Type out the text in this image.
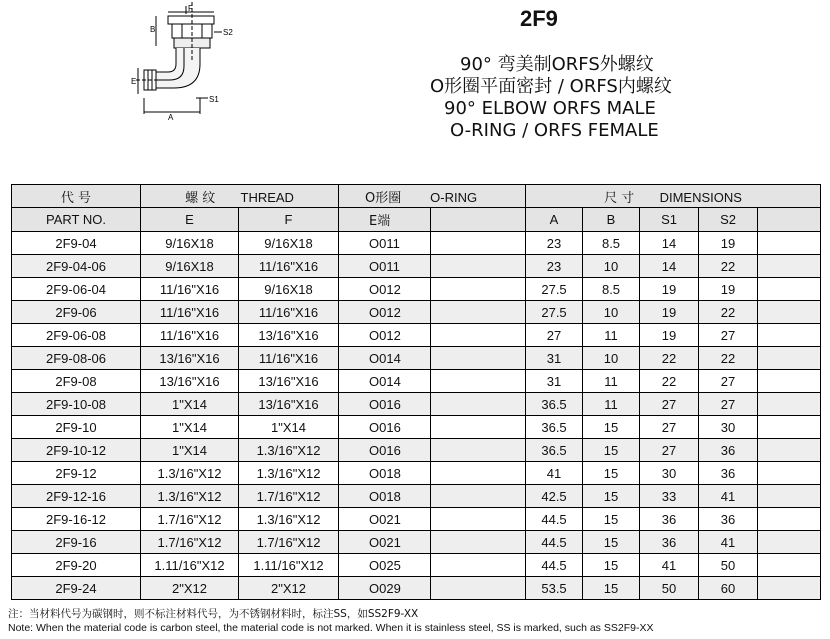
F
B	S2
E
S1
A
2F9
90° 弯美制ORFS外螺纹
O形圈平面密封 / ORFS内螺纹
90° ELBOW ORFS MALE
O-RING / ORFS FEMALE
代 号	螺 纹 THREAD		O形圈 O-RING		尺 寸 DIMENSIONS				
PART NO.	E	F	E端		A	B	S1	S2	
2F9-04	9/16X18	9/16X18	O011		23	8.5	14	19	
2F9-04-06	9/16X18	11/16"X16	O011		23	10	14	22	
2F9-06-04	11/16"X16	9/16X18	O012		27.5	8.5	19	19	
2F9-06	11/16"X16	11/16"X16	O012		27.5	10	19	22	
2F9-06-08	11/16"X16	13/16"X16	O012		27	11	19	27	
2F9-08-06	13/16"X16	11/16"X16	O014		31	10	22	22	
2F9-08	13/16"X16	13/16"X16	O014		31	11	22	27	
2F9-10-08	1"X14	13/16"X16	O016		36.5	11	27	27	
2F9-10	1"X14	1"X14	O016		36.5	15	27	30	
2F9-10-12	1"X14	1.3/16"X12	O016		36.5	15	27	36	
2F9-12	1.3/16"X12	1.3/16"X12	O018		41	15	30	36	
2F9-12-16	1.3/16"X12	1.7/16"X12	O018		42.5	15	33	41	
2F9-16-12	1.7/16"X12	1.3/16"X12	O021		44.5	15	36	36	
2F9-16	1.7/16"X12	1.7/16"X12	O021		44.5	15	36	41	
2F9-20	1.11/16"X12	1.11/16"X12	O025		44.5	15	41	50	
2F9-24	2"X12	2"X12	O029		53.5	15	50	60	
注：当材料代号为碳钢时，则不标注材料代号，为不锈钢材料时，标注SS，如SS2F9-XX
Note: When the material code is carbon steel, the material code is not marked. When it is stainless steel, SS is marked, such as SS2F9-XX
